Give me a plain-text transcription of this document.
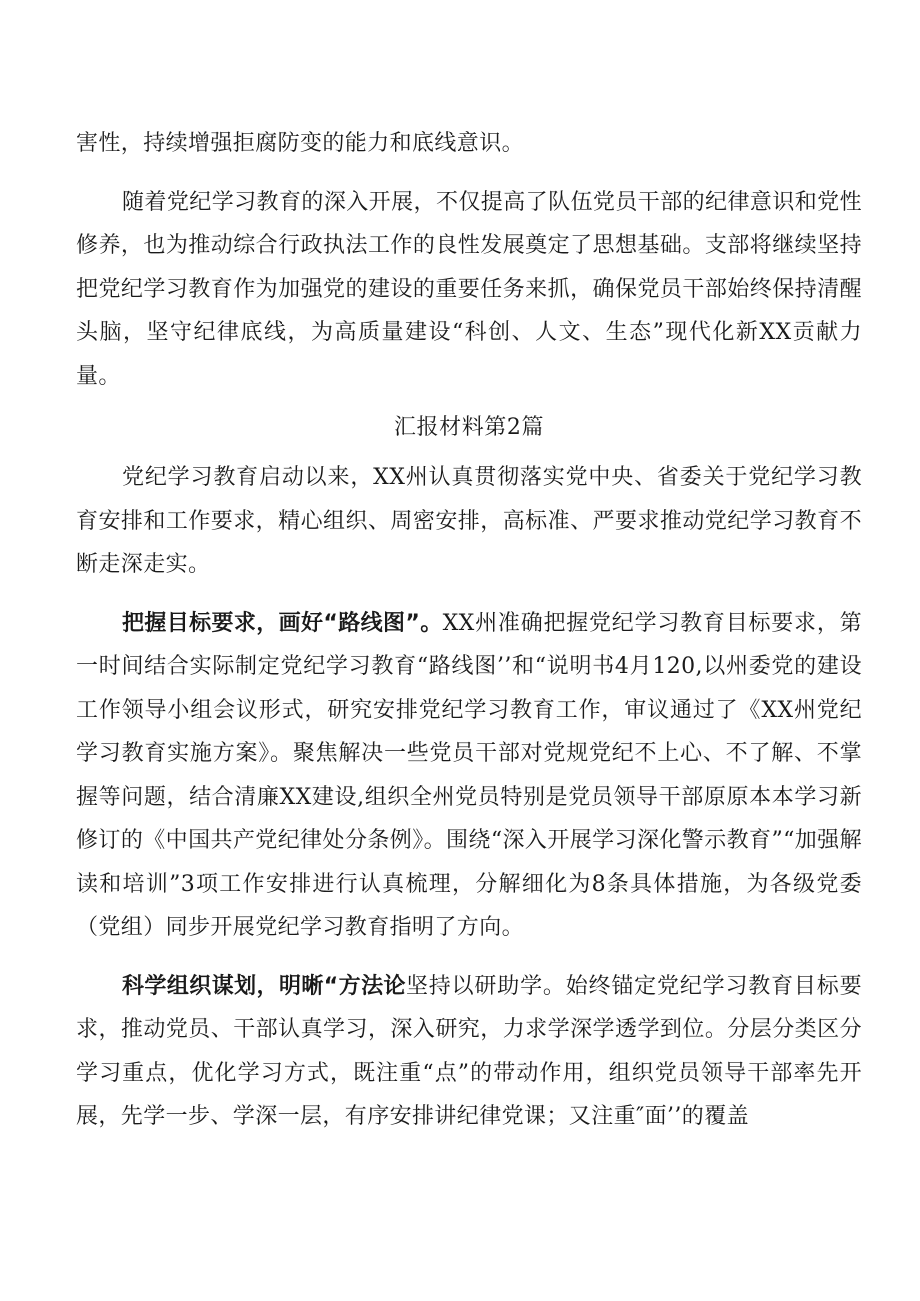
害性，持续增强拒腐防变的能力和底线意识。

随着党纪学习教育的深入开展，不仅提高了队伍党员干部的纪律意识和党性修养，也为推动综合行政执法工作的良性发展奠定了思想基础。支部将继续坚持把党纪学习教育作为加强党的建设的重要任务来抓，确保党员干部始终保持清醒头脑，坚守纪律底线，为高质量建设“科创、人文、生态”现代化新XX贡献力量。

汇报材料第2篇

党纪学习教育启动以来，XX州认真贯彻落实党中央、省委关于党纪学习教育安排和工作要求，精心组织、周密安排，高标准、严要求推动党纪学习教育不断走深走实。

把握目标要求，画好“路线图”。XX州准确把握党纪学习教育目标要求，第一时间结合实际制定党纪学习教育“路线图’’和“说明书4月120,以州委党的建设工作领导小组会议形式，研究安排党纪学习教育工作，审议通过了《XX州党纪学习教育实施方案》。聚焦解决一些党员干部对党规党纪不上心、不了解、不掌握等问题，结合清廉XX建设,组织全州党员特别是党员领导干部原原本本学习新修订的《中国共产党纪律处分条例》。围绕“深入开展学习深化警示教育”“加强解读和培训”3项工作安排进行认真梳理，分解细化为8条具体措施，为各级党委（党组）同步开展党纪学习教育指明了方向。

科学组织谋划，明晰“方法论坚持以研助学。始终锚定党纪学习教育目标要求，推动党员、干部认真学习，深入研究，力求学深学透学到位。分层分类区分学习重点，优化学习方式，既注重“点”的带动作用，组织党员领导干部率先开展，先学一步、学深一层，有序安排讲纪律党课；又注重″面’’的覆盖
